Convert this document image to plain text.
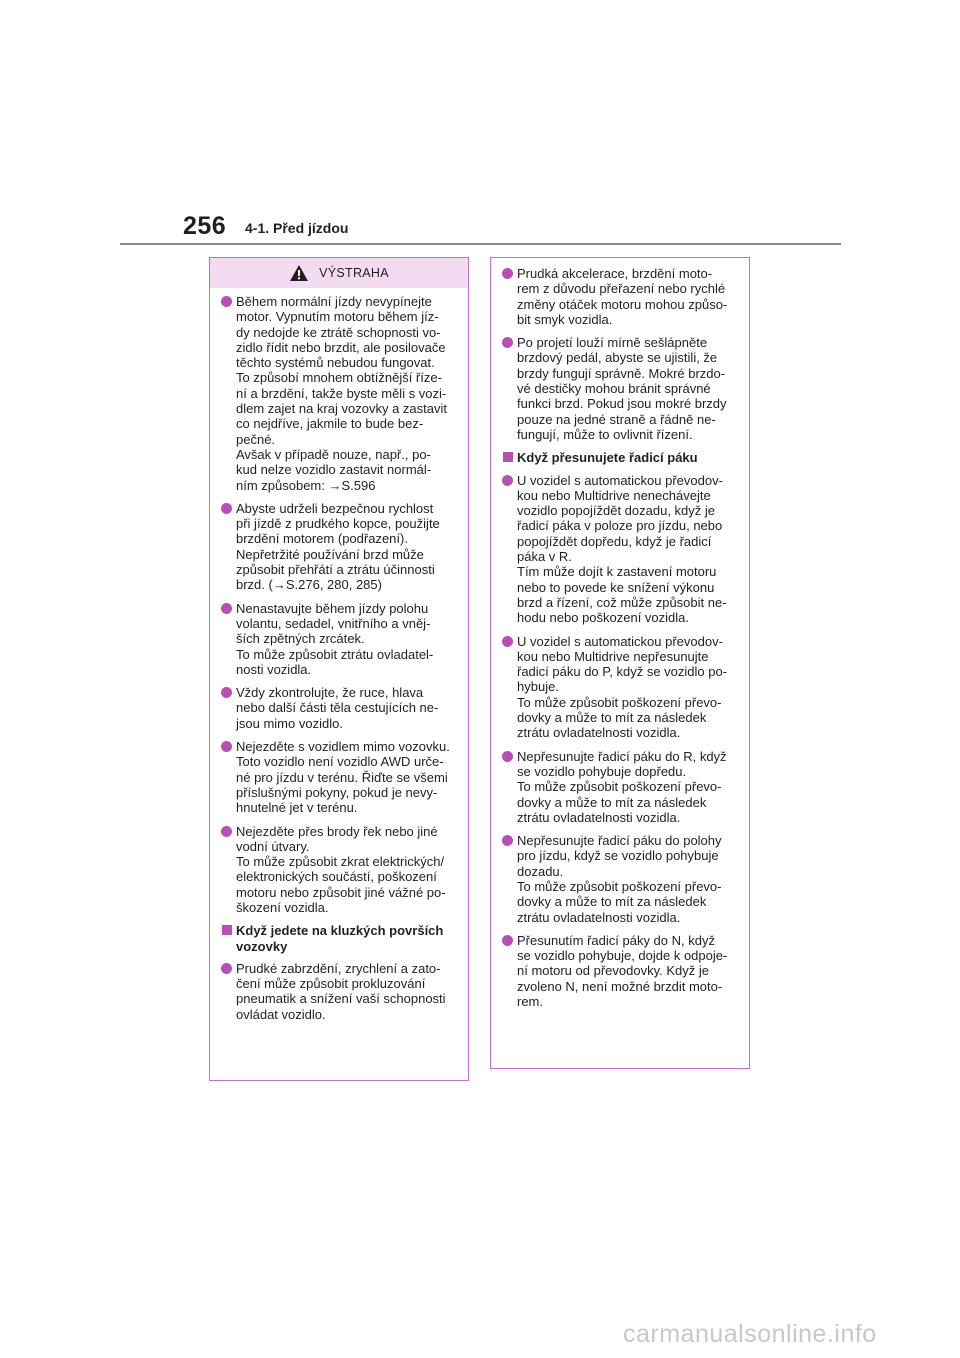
256 4-1. Před jízdou
VÝSTRAHA
Během normální jízdy nevypínejte
motor. Vypnutím motoru během jíz-
dy nedojde ke ztrátě schopnosti vo-
zidlo řídit nebo brzdit, ale posilovače
těchto systémů nebudou fungovat.
To způsobí mnohem obtížnější říze-
ní a brzdění, takže byste měli s vozi-
dlem zajet na kraj vozovky a zastavit
co nejdříve, jakmile to bude bez-
pečné.
Avšak v případě nouze, např., po-
kud nelze vozidlo zastavit normál-
ním způsobem: →S.596
Abyste udrželi bezpečnou rychlost
při jízdě z prudkého kopce, použijte
brzdění motorem (podřazení).
Nepřetržité používání brzd může
způsobit přehřátí a ztrátu účinnosti
brzd. (→S.276, 280, 285)
Nenastavujte během jízdy polohu
volantu, sedadel, vnitřního a vněj-
ších zpětných zrcátek.
To může způsobit ztrátu ovladatel-
nosti vozidla.
Vždy zkontrolujte, že ruce, hlava
nebo další části těla cestujících ne-
jsou mimo vozidlo.
Nejezděte s vozidlem mimo vozovku.
Toto vozidlo není vozidlo AWD urče-
né pro jízdu v terénu. Řiďte se všemi
příslušnými pokyny, pokud je nevy-
hnutelné jet v terénu.
Nejezděte přes brody řek nebo jiné
vodní útvary.
To může způsobit zkrat elektrických/
elektronických součástí, poškození
motoru nebo způsobit jiné vážné po-
škození vozidla.
Když jedete na kluzkých površích
vozovky
Prudké zabrzdění, zrychlení a zato-
čení může způsobit prokluzování
pneumatik a snížení vaší schopnosti
ovládat vozidlo.
Prudká akcelerace, brzdění moto-
rem z důvodu přeřazení nebo rychlé
změny otáček motoru mohou způso-
bit smyk vozidla.
Po projetí louží mírně sešlápněte
brzdový pedál, abyste se ujistili, že
brzdy fungují správně. Mokré brzdo-
vé destičky mohou bránit správné
funkci brzd. Pokud jsou mokré brzdy
pouze na jedné straně a řádně ne-
fungují, může to ovlivnit řízení.
Když přesunujete řadicí páku
U vozidel s automatickou převodov-
kou nebo Multidrive nenechávejte
vozidlo popojíždět dozadu, když je
řadicí páka v poloze pro jízdu, nebo
popojíždět dopředu, když je řadicí
páka v R.
Tím může dojít k zastavení motoru
nebo to povede ke snížení výkonu
brzd a řízení, což může způsobit ne-
hodu nebo poškození vozidla.
U vozidel s automatickou převodov-
kou nebo Multidrive nepřesunujte
řadicí páku do P, když se vozidlo po-
hybuje.
To může způsobit poškození převo-
dovky a může to mít za následek
ztrátu ovladatelnosti vozidla.
Nepřesunujte řadicí páku do R, když
se vozidlo pohybuje dopředu.
To může způsobit poškození převo-
dovky a může to mít za následek
ztrátu ovladatelnosti vozidla.
Nepřesunujte řadicí páku do polohy
pro jízdu, když se vozidlo pohybuje
dozadu.
To může způsobit poškození převo-
dovky a může to mít za následek
ztrátu ovladatelnosti vozidla.
Přesunutím řadicí páky do N, když
se vozidlo pohybuje, dojde k odpoje-
ní motoru od převodovky. Když je
zvoleno N, není možné brzdit moto-
rem.
carmanualsonline.info
